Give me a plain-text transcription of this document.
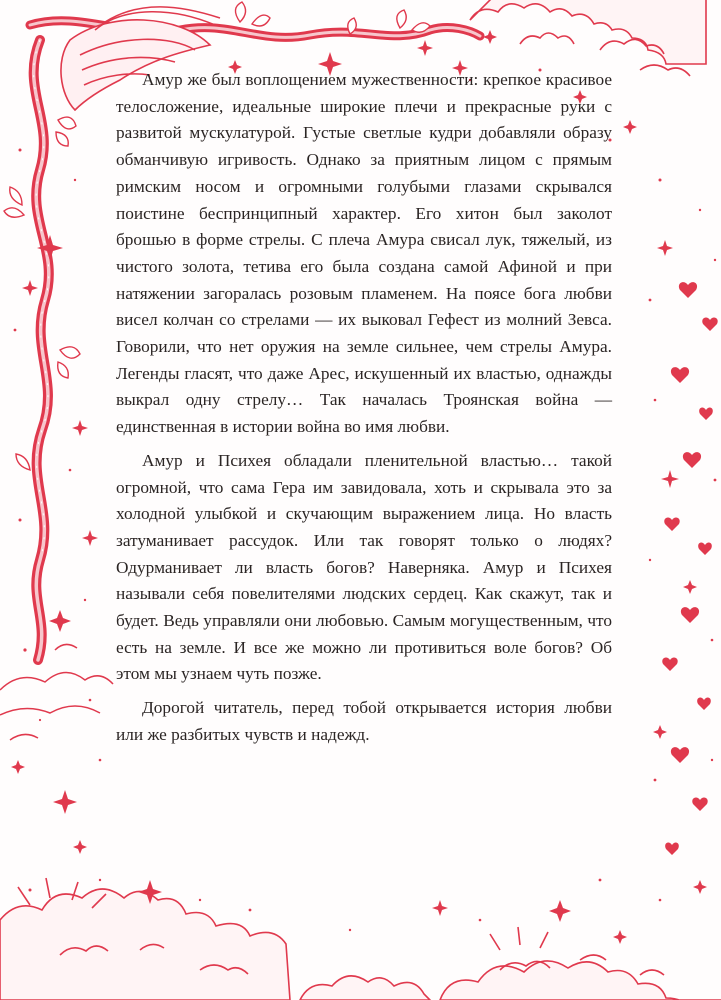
Амур же был воплощением мужественности: крепкое красивое телосложение, идеальные широкие плечи и прекрасные руки с развитой мускулатурой. Густые светлые кудри добавляли образу обманчивую игривость. Однако за приятным лицом с прямым римским носом и огромными голубыми глазами скрывался поистине беспринципный характер. Его хитон был заколот брошью в форме стрелы. С плеча Амура свисал лук, тяжелый, из чистого золота, тетива его была создана самой Афиной и при натяжении загоралась розовым пламенем. На поясе бога любви висел колчан со стрелами — их выковал Гефест из молний Зевса. Говорили, что нет оружия на земле сильнее, чем стрелы Амура. Легенды гласят, что даже Арес, искушенный их властью, однажды выкрал одну стрелу… Так началась Троянская война — единственная в истории война во имя любви.

Амур и Психея обладали пленительной властью… такой огромной, что сама Гера им завидовала, хоть и скрывала это за холодной улыбкой и скучающим выражением лица. Но власть затуманивает рассудок. Или так говорят только о людях? Одурманивает ли власть богов? Наверняка. Амур и Психея называли себя повелителями людских сердец. Как скажут, так и будет. Ведь управляли они любовью. Самым могущественным, что есть на земле. И все же можно ли противиться воле богов? Об этом мы узнаем чуть позже.

Дорогой читатель, перед тобой открывается история любви или же разбитых чувств и надежд.
